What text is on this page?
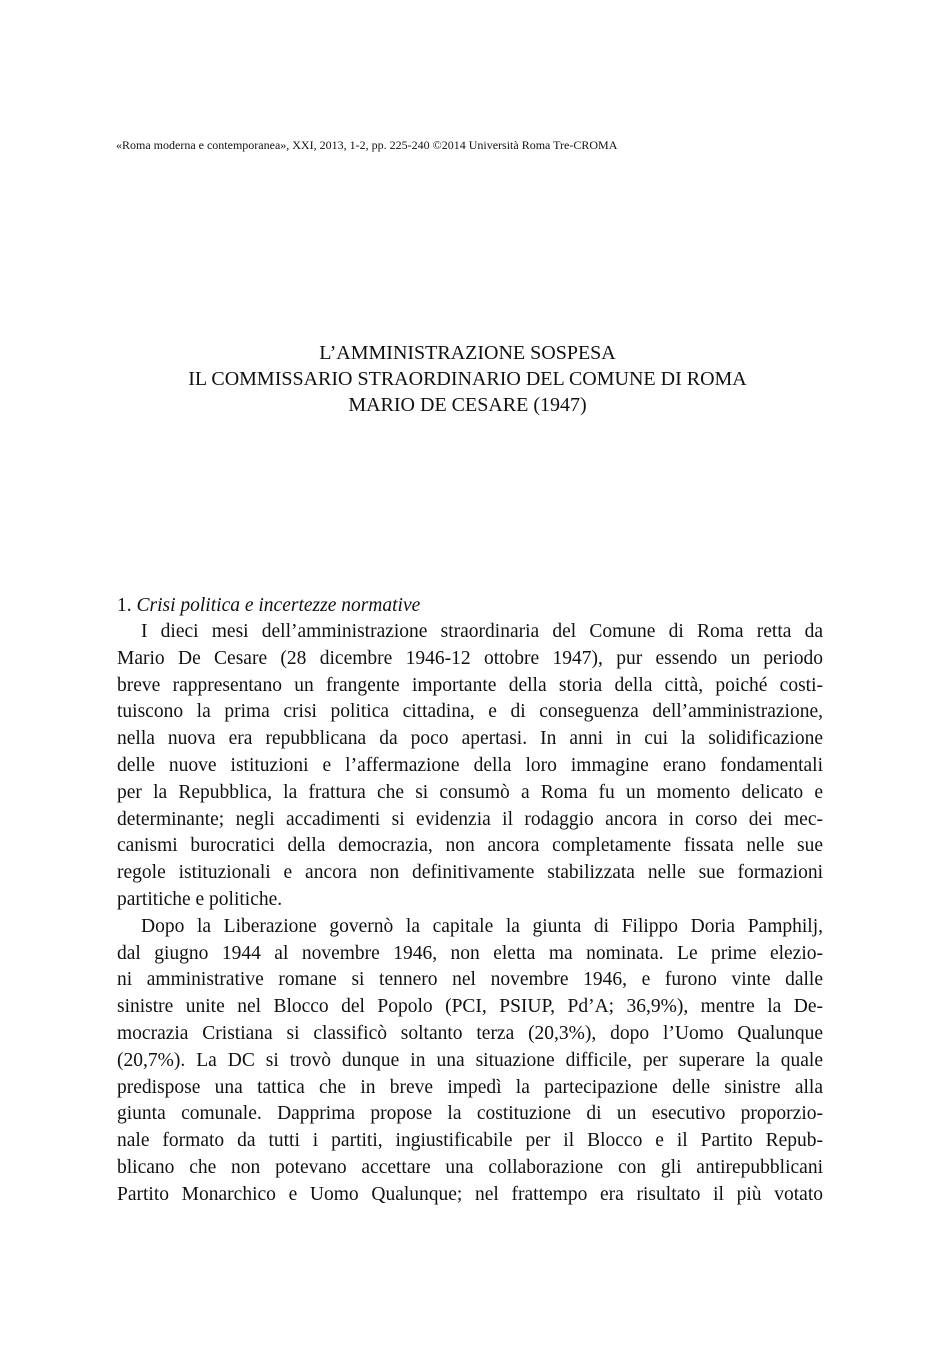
«Roma moderna e contemporanea», XXI, 2013, 1-2, pp. 225-240 ©2014 Università Roma Tre-CROMA
L’AMMINISTRAZIONE SOSPESA
IL COMMISSARIO STRAORDINARIO DEL COMUNE DI ROMA
MARIO DE CESARE (1947)
1. Crisi politica e incertezze normative
I dieci mesi dell’amministrazione straordinaria del Comune di Roma retta da
Mario De Cesare (28 dicembre 1946-12 ottobre 1947), pur essendo un periodo
breve rappresentano un frangente importante della storia della città, poiché costi-
tuiscono la prima crisi politica cittadina, e di conseguenza dell’amministrazione,
nella nuova era repubblicana da poco apertasi. In anni in cui la solidificazione
delle nuove istituzioni e l’affermazione della loro immagine erano fondamentali
per la Repubblica, la frattura che si consumò a Roma fu un momento delicato e
determinante; negli accadimenti si evidenzia il rodaggio ancora in corso dei mec-
canismi burocratici della democrazia, non ancora completamente fissata nelle sue
regole istituzionali e ancora non definitivamente stabilizzata nelle sue formazioni
partitiche e politiche.
Dopo la Liberazione governò la capitale la giunta di Filippo Doria Pamphilj,
dal giugno 1944 al novembre 1946, non eletta ma nominata. Le prime elezio-
ni amministrative romane si tennero nel novembre 1946, e furono vinte dalle
sinistre unite nel Blocco del Popolo (PCI, PSIUP, Pd’A; 36,9%), mentre la De-
mocrazia Cristiana si classificò soltanto terza (20,3%), dopo l’Uomo Qualunque
(20,7%). La DC si trovò dunque in una situazione difficile, per superare la quale
predispose una tattica che in breve impedì la partecipazione delle sinistre alla
giunta comunale. Dapprima propose la costituzione di un esecutivo proporzio-
nale formato da tutti i partiti, ingiustificabile per il Blocco e il Partito Repub-
blicano che non potevano accettare una collaborazione con gli antirepubblicani
Partito Monarchico e Uomo Qualunque; nel frattempo era risultato il più votato
